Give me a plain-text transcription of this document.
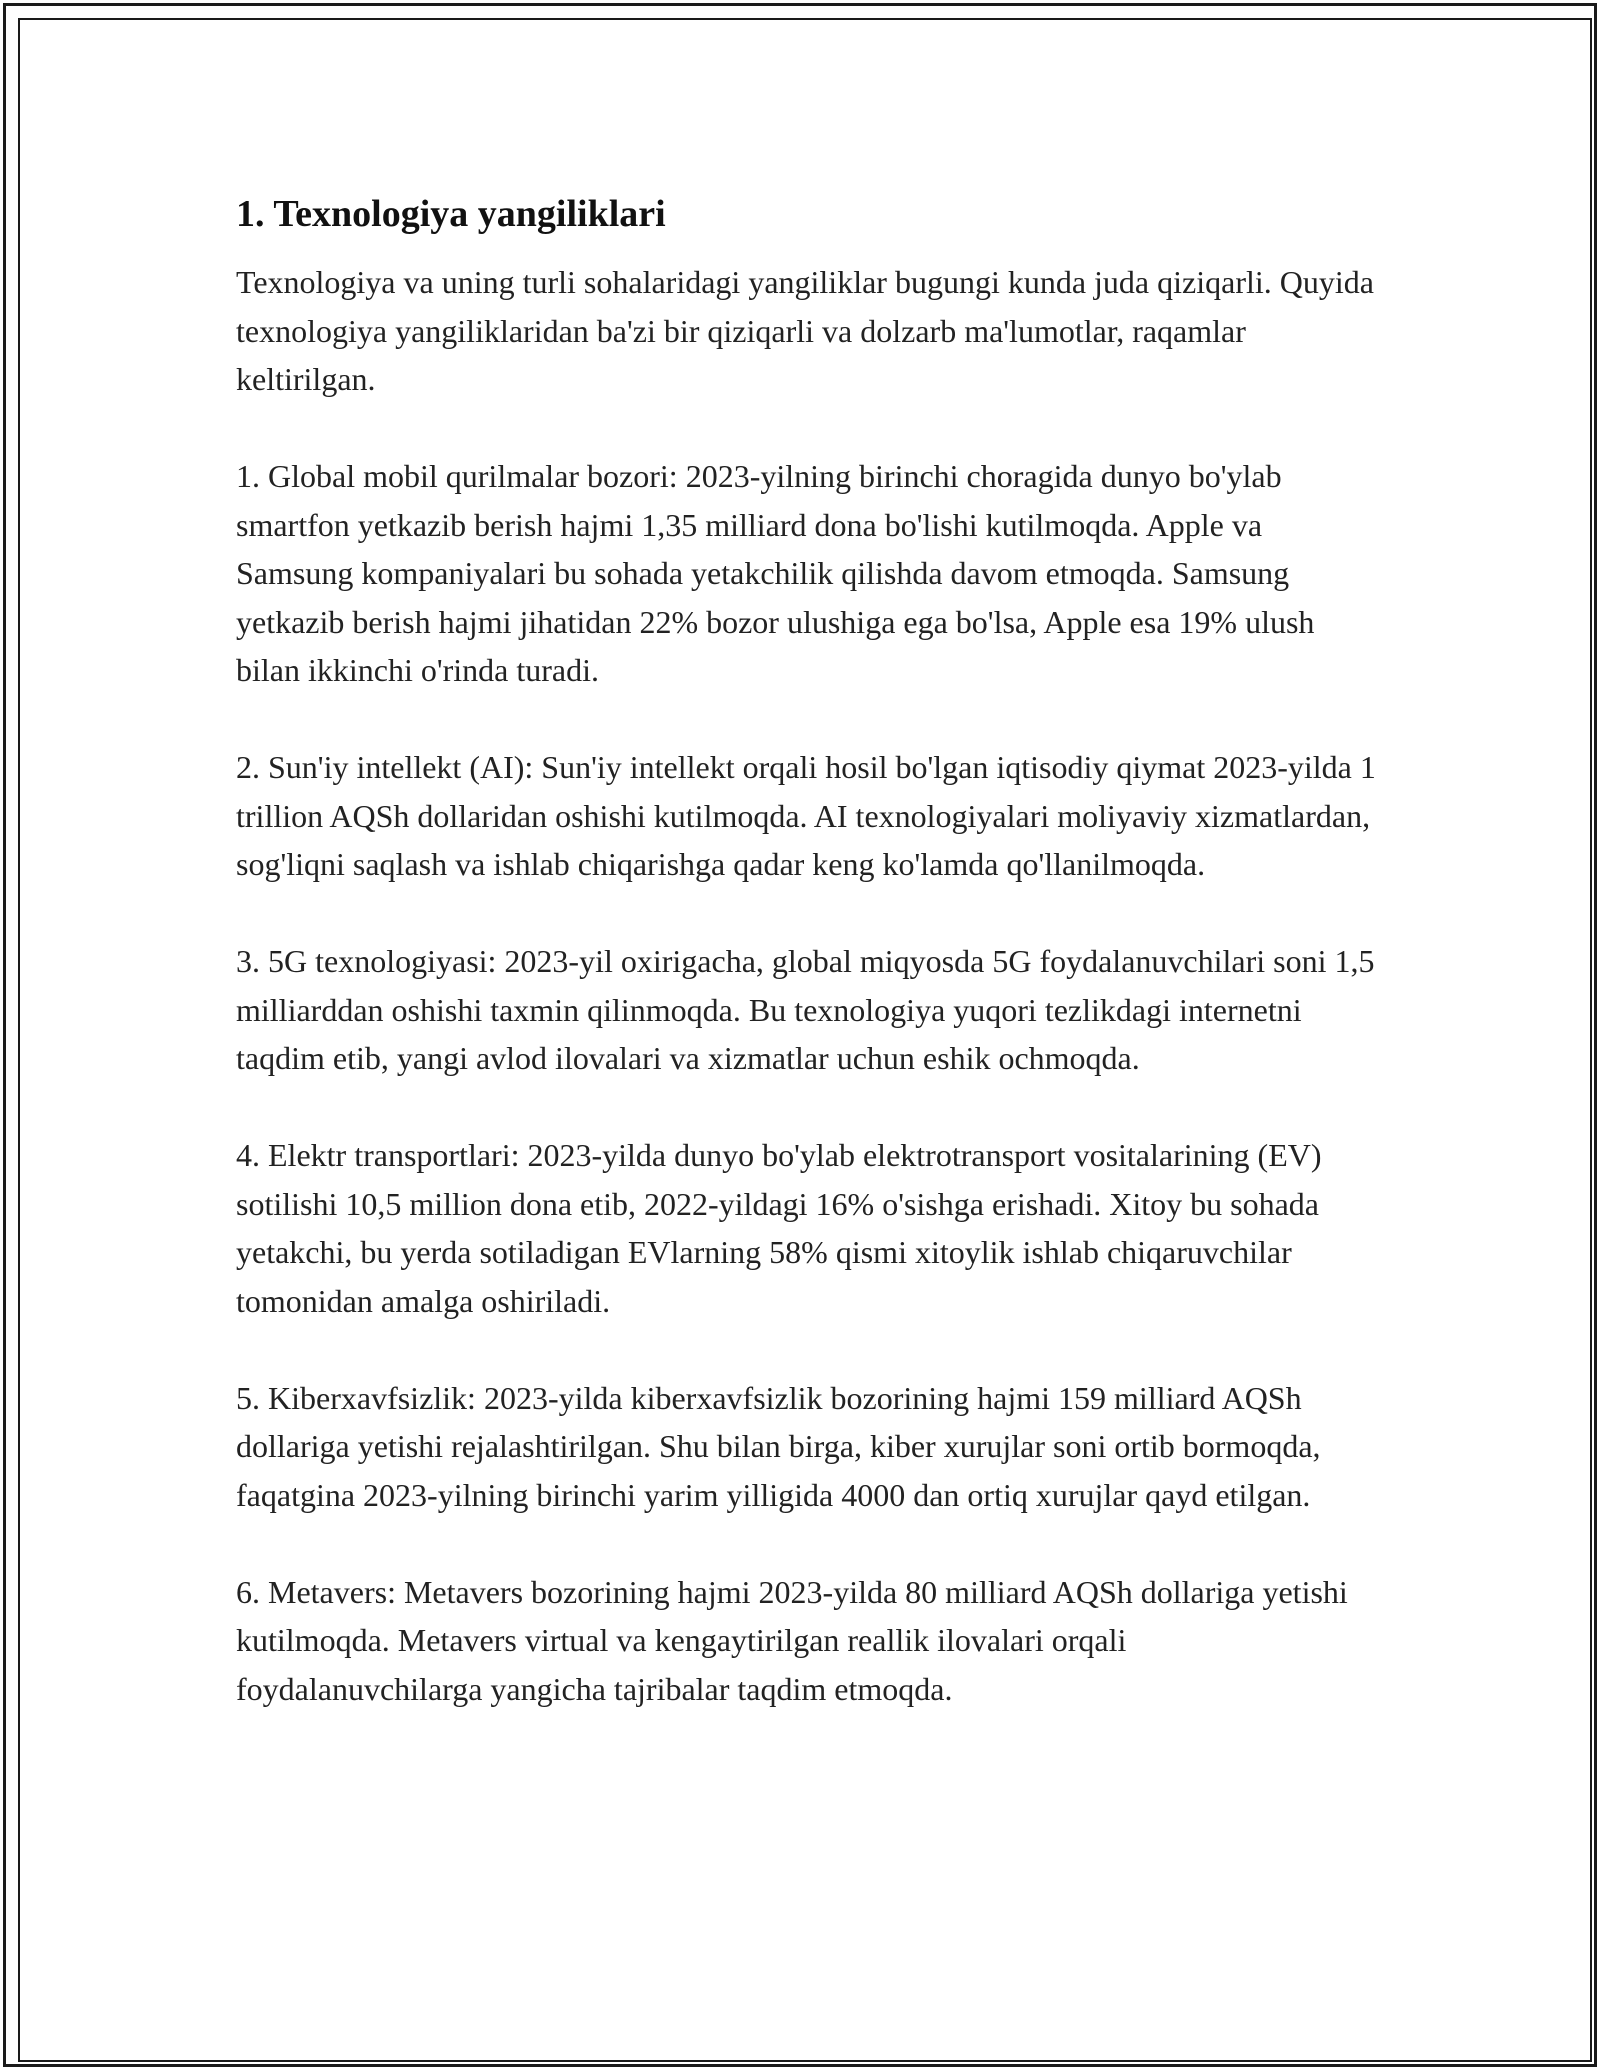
1. Texnologiya yangiliklari

Texnologiya va uning turli sohalaridagi yangiliklar bugungi kunda juda qiziqarli. Quyida texnologiya yangiliklaridan ba'zi bir qiziqarli va dolzarb ma'lumotlar, raqamlar keltirilgan.

1. Global mobil qurilmalar bozori: 2023-yilning birinchi choragida dunyo bo'ylab smartfon yetkazib berish hajmi 1,35 milliard dona bo'lishi kutilmoqda. Apple va Samsung kompaniyalari bu sohada yetakchilik qilishda davom etmoqda. Samsung yetkazib berish hajmi jihatidan 22% bozor ulushiga ega bo'lsa, Apple esa 19% ulush bilan ikkinchi o'rinda turadi.

2. Sun'iy intellekt (AI): Sun'iy intellekt orqali hosil bo'lgan iqtisodiy qiymat 2023-yilda 1 trillion AQSh dollaridan oshishi kutilmoqda. AI texnologiyalari moliyaviy xizmatlardan, sog'liqni saqlash va ishlab chiqarishga qadar keng ko'lamda qo'llanilmoqda.

3. 5G texnologiyasi: 2023-yil oxirigacha, global miqyosda 5G foydalanuvchilari soni 1,5 milliarddan oshishi taxmin qilinmoqda. Bu texnologiya yuqori tezlikdagi internetni taqdim etib, yangi avlod ilovalari va xizmatlar uchun eshik ochmoqda.

4. Elektr transportlari: 2023-yilda dunyo bo'ylab elektrotransport vositalarining (EV) sotilishi 10,5 million dona etib, 2022-yildagi 16% o'sishga erishadi. Xitoy bu sohada yetakchi, bu yerda sotiladigan EVlarning 58% qismi xitoylik ishlab chiqaruvchilar tomonidan amalga oshiriladi.

5. Kiberxavfsizlik: 2023-yilda kiberxavfsizlik bozorining hajmi 159 milliard AQSh dollariga yetishi rejalashtirilgan. Shu bilan birga, kiber xurujlar soni ortib bormoqda, faqatgina 2023-yilning birinchi yarim yilligida 4000 dan ortiq xurujlar qayd etilgan.

6. Metavers: Metavers bozorining hajmi 2023-yilda 80 milliard AQSh dollariga yetishi kutilmoqda. Metavers virtual va kengaytirilgan reallik ilovalari orqali foydalanuvchilarga yangicha tajribalar taqdim etmoqda.
